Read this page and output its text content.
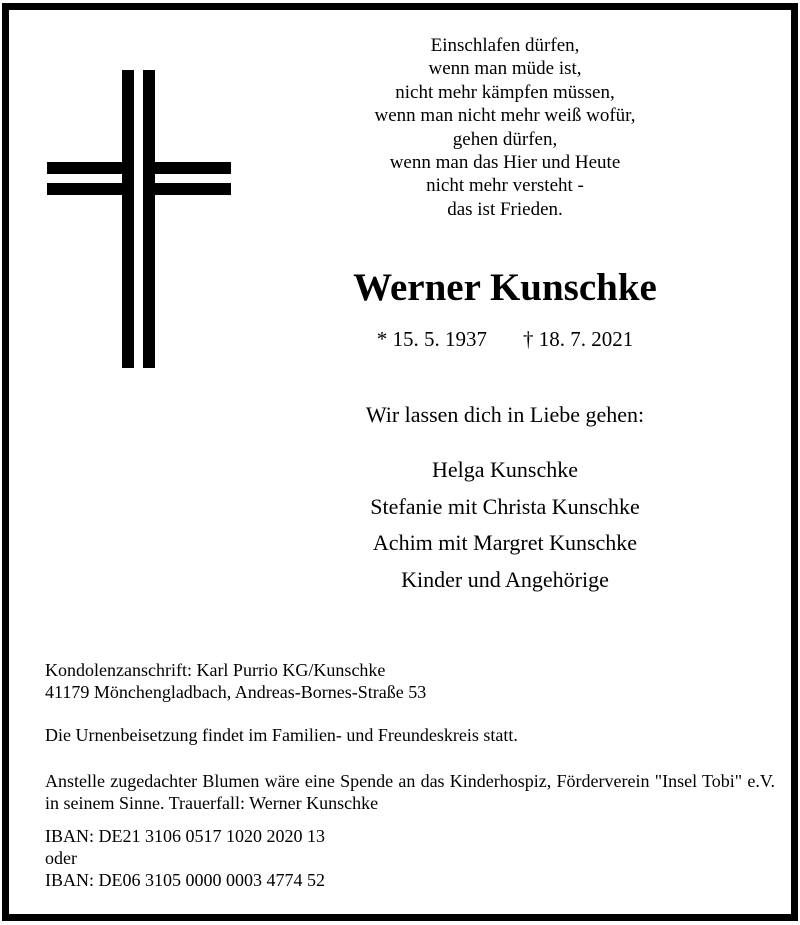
Einschlafen dürfen,
wenn man müde ist,
nicht mehr kämpfen müssen,
wenn man nicht mehr weiß wofür,
gehen dürfen,
wenn man das Hier und Heute
nicht mehr versteht -
das ist Frieden.
Werner Kunschke
* 15. 5. 1937 † 18. 7. 2021
Wir lassen dich in Liebe gehen:
Helga Kunschke
Stefanie mit Christa Kunschke
Achim mit Margret Kunschke
Kinder und Angehörige
Kondolenzanschrift: Karl Purrio KG/Kunschke
41179 Mönchengladbach, Andreas-Bornes-Straße 53
Die Urnenbeisetzung findet im Familien- und Freundeskreis statt.
Anstelle zugedachter Blumen wäre eine Spende an das Kinderhospiz, Förderverein "Insel Tobi" e.V. in seinem Sinne. Trauerfall: Werner Kunschke
IBAN: DE21 3106 0517 1020 2020 13
oder
IBAN: DE06 3105 0000 0003 4774 52
